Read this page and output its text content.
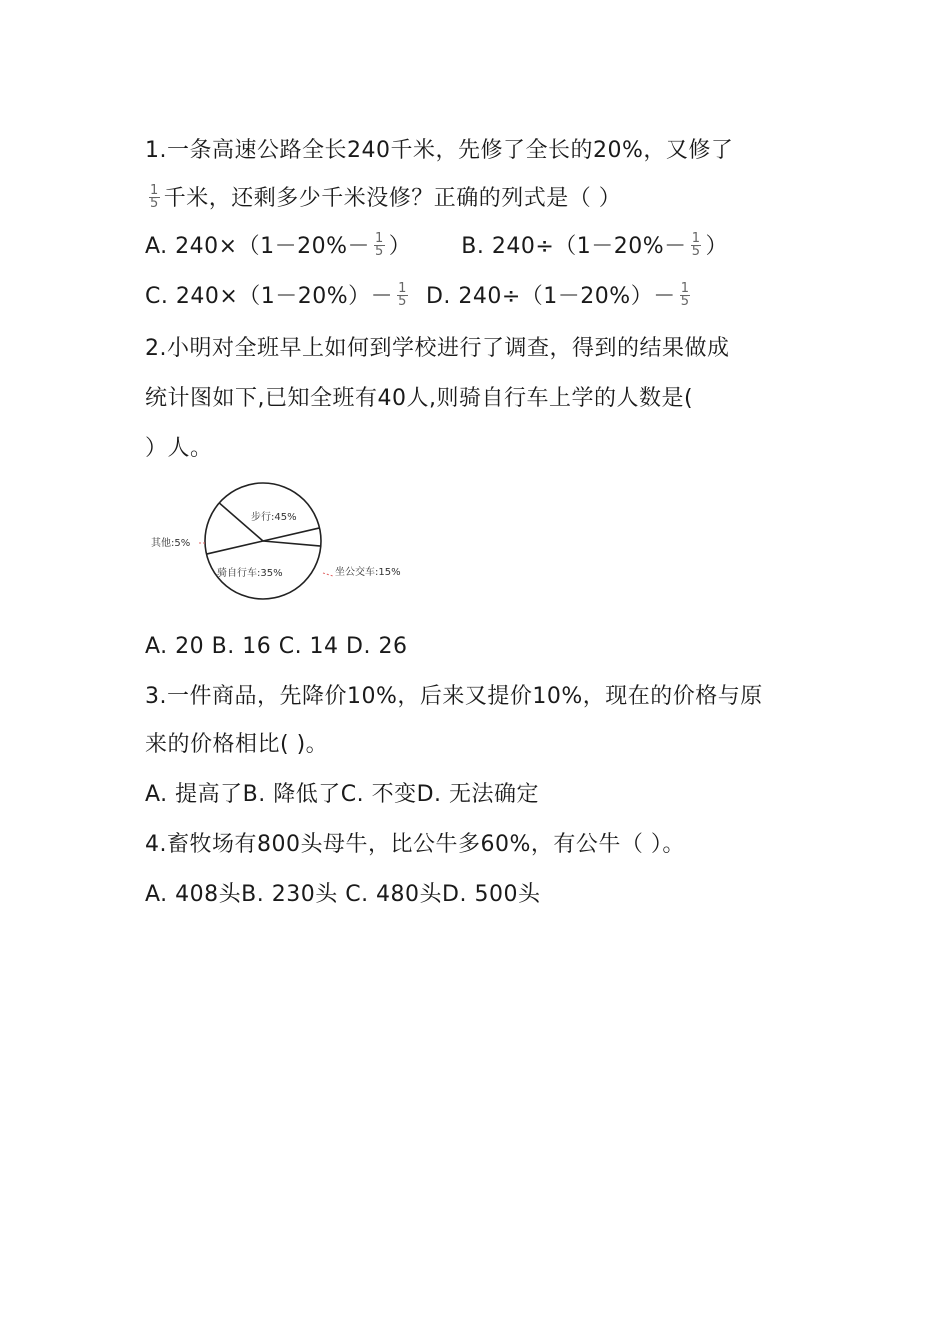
1.一条高速公路全长240千米，先修了全长的20%，又修了
$\frac{1}{5}$ 千米，还剩多少千米没修？正确的列式是（ ）
A. $240\times(1-20\%- \frac{1}{5}$ ） B. $240\div(1-20\%- \frac{1}{5}$ ）
C. $240\times(1-20\%)- \frac{1}{5} D$. $240\div(1-20\%)- \frac{1}{5}$
2.小明对全班早上如何到学校进行了调查，得到的结果做成
统计图如下,已知全班有40人,则骑自行车上学的人数是(
）人。
步行:45%
坐公交车:15%
骑自行车:35%
其他:5%
A. 20 B. 16 C. 14 D. 26
3.一件商品，先降价10%，后来又提价10%，现在的价格与原
来的价格相比( )。
A. 提高了B. 降低了C. 不变D. 无法确定
4.畜牧场有800头母牛，比公牛多60%，有公牛（ ）。
A. 408头B. 230头 C. 480头D. 500头
